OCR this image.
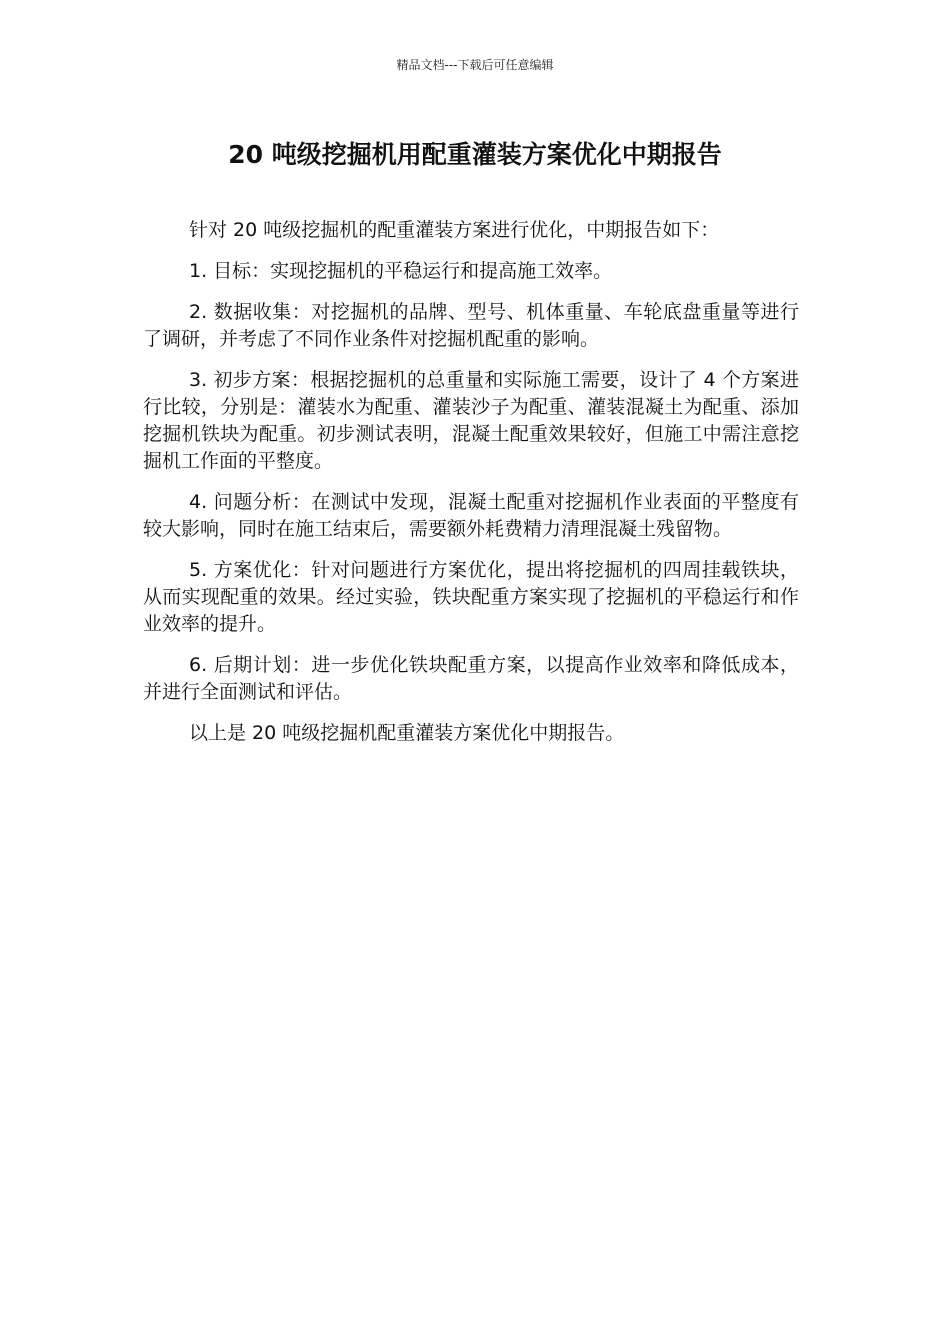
精品文档---下载后可任意编辑
20 吨级挖掘机用配重灌装方案优化中期报告

针对 20 吨级挖掘机的配重灌装方案进行优化，中期报告如下：

1. 目标：实现挖掘机的平稳运行和提高施工效率。

2. 数据收集：对挖掘机的品牌、型号、机体重量、车轮底盘重量等进行了调研，并考虑了不同作业条件对挖掘机配重的影响。

3. 初步方案：根据挖掘机的总重量和实际施工需要，设计了 4 个方案进行比较，分别是：灌装水为配重、灌装沙子为配重、灌装混凝土为配重、添加挖掘机铁块为配重。初步测试表明，混凝土配重效果较好，但施工中需注意挖掘机工作面的平整度。

4. 问题分析：在测试中发现，混凝土配重对挖掘机作业表面的平整度有较大影响，同时在施工结束后，需要额外耗费精力清理混凝土残留物。

5. 方案优化：针对问题进行方案优化，提出将挖掘机的四周挂载铁块，从而实现配重的效果。经过实验，铁块配重方案实现了挖掘机的平稳运行和作业效率的提升。

6. 后期计划：进一步优化铁块配重方案，以提高作业效率和降低成本，并进行全面测试和评估。

以上是 20 吨级挖掘机配重灌装方案优化中期报告。
